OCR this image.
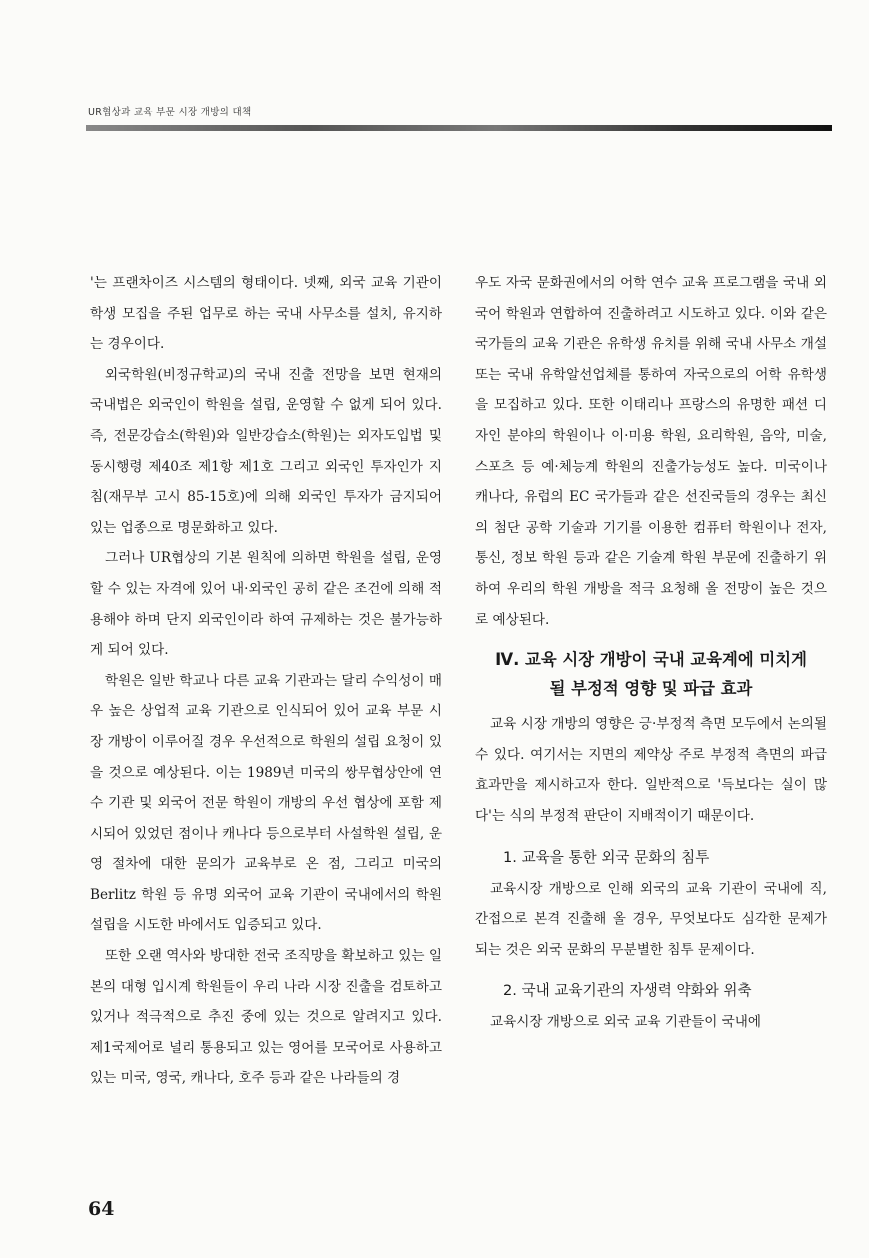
UR협상과 교육 부문 시장 개방의 대책

'는 프랜차이즈 시스템의 형태이다. 넷째, 외국 교육 기관이 학생 모집을 주된 업무로 하는 국내 사무소를 설치, 유지하는 경우이다.

외국학원(비정규학교)의 국내 진출 전망을 보면 현재의 국내법은 외국인이 학원을 설립, 운영할 수 없게 되어 있다. 즉, 전문강습소(학원)와 일반강습소(학원)는 외자도입법 및 동시행령 제40조 제1항 제1호 그리고 외국인 투자인가 지침(재무부 고시 85-15호)에 의해 외국인 투자가 금지되어 있는 업종으로 명문화하고 있다.

그러나 UR협상의 기본 원칙에 의하면 학원을 설립, 운영할 수 있는 자격에 있어 내·외국인 공히 같은 조건에 의해 적용해야 하며 단지 외국인이라 하여 규제하는 것은 불가능하게 되어 있다.

학원은 일반 학교나 다른 교육 기관과는 달리 수익성이 매우 높은 상업적 교육 기관으로 인식되어 있어 교육 부문 시장 개방이 이루어질 경우 우선적으로 학원의 설립 요청이 있을 것으로 예상된다. 이는 1989년 미국의 쌍무협상안에 연수 기관 및 외국어 전문 학원이 개방의 우선 협상에 포함 제시되어 있었던 점이나 캐나다 등으로부터 사설학원 설립, 운영 절차에 대한 문의가 교육부로 온 점, 그리고 미국의 Berlitz 학원 등 유명 외국어 교육 기관이 국내에서의 학원 설립을 시도한 바에서도 입증되고 있다.

또한 오랜 역사와 방대한 전국 조직망을 확보하고 있는 일본의 대형 입시계 학원들이 우리 나라 시장 진출을 검토하고 있거나 적극적으로 추진 중에 있는 것으로 알려지고 있다. 제1국제어로 널리 통용되고 있는 영어를 모국어로 사용하고 있는 미국, 영국, 캐나다, 호주 등과 같은 나라들의 경

우도 자국 문화권에서의 어학 연수 교육 프로그램을 국내 외국어 학원과 연합하여 진출하려고 시도하고 있다. 이와 같은 국가들의 교육 기관은 유학생 유치를 위해 국내 사무소 개설 또는 국내 유학알선업체를 통하여 자국으로의 어학 유학생을 모집하고 있다. 또한 이태리나 프랑스의 유명한 패션 디자인 분야의 학원이나 이·미용 학원, 요리학원, 음악, 미술, 스포츠 등 예·체능계 학원의 진출가능성도 높다. 미국이나 캐나다, 유럽의 EC 국가들과 같은 선진국들의 경우는 최신의 첨단 공학 기술과 기기를 이용한 컴퓨터 학원이나 전자, 통신, 정보 학원 등과 같은 기술계 학원 부문에 진출하기 위하여 우리의 학원 개방을 적극 요청해 올 전망이 높은 것으로 예상된다.

Ⅳ. 교육 시장 개방이 국내 교육계에 미치게
될 부정적 영향 및 파급 효과

교육 시장 개방의 영향은 긍·부정적 측면 모두에서 논의될 수 있다. 여기서는 지면의 제약상 주로 부정적 측면의 파급 효과만을 제시하고자 한다. 일반적으로 '득보다는 실이 많다'는 식의 부정적 판단이 지배적이기 때문이다.

1. 교육을 통한 외국 문화의 침투

교육시장 개방으로 인해 외국의 교육 기관이 국내에 직, 간접으로 본격 진출해 올 경우, 무엇보다도 심각한 문제가 되는 것은 외국 문화의 무분별한 침투 문제이다.

2. 국내 교육기관의 자생력 약화와 위축

교육시장 개방으로 외국 교육 기관들이 국내에

64
